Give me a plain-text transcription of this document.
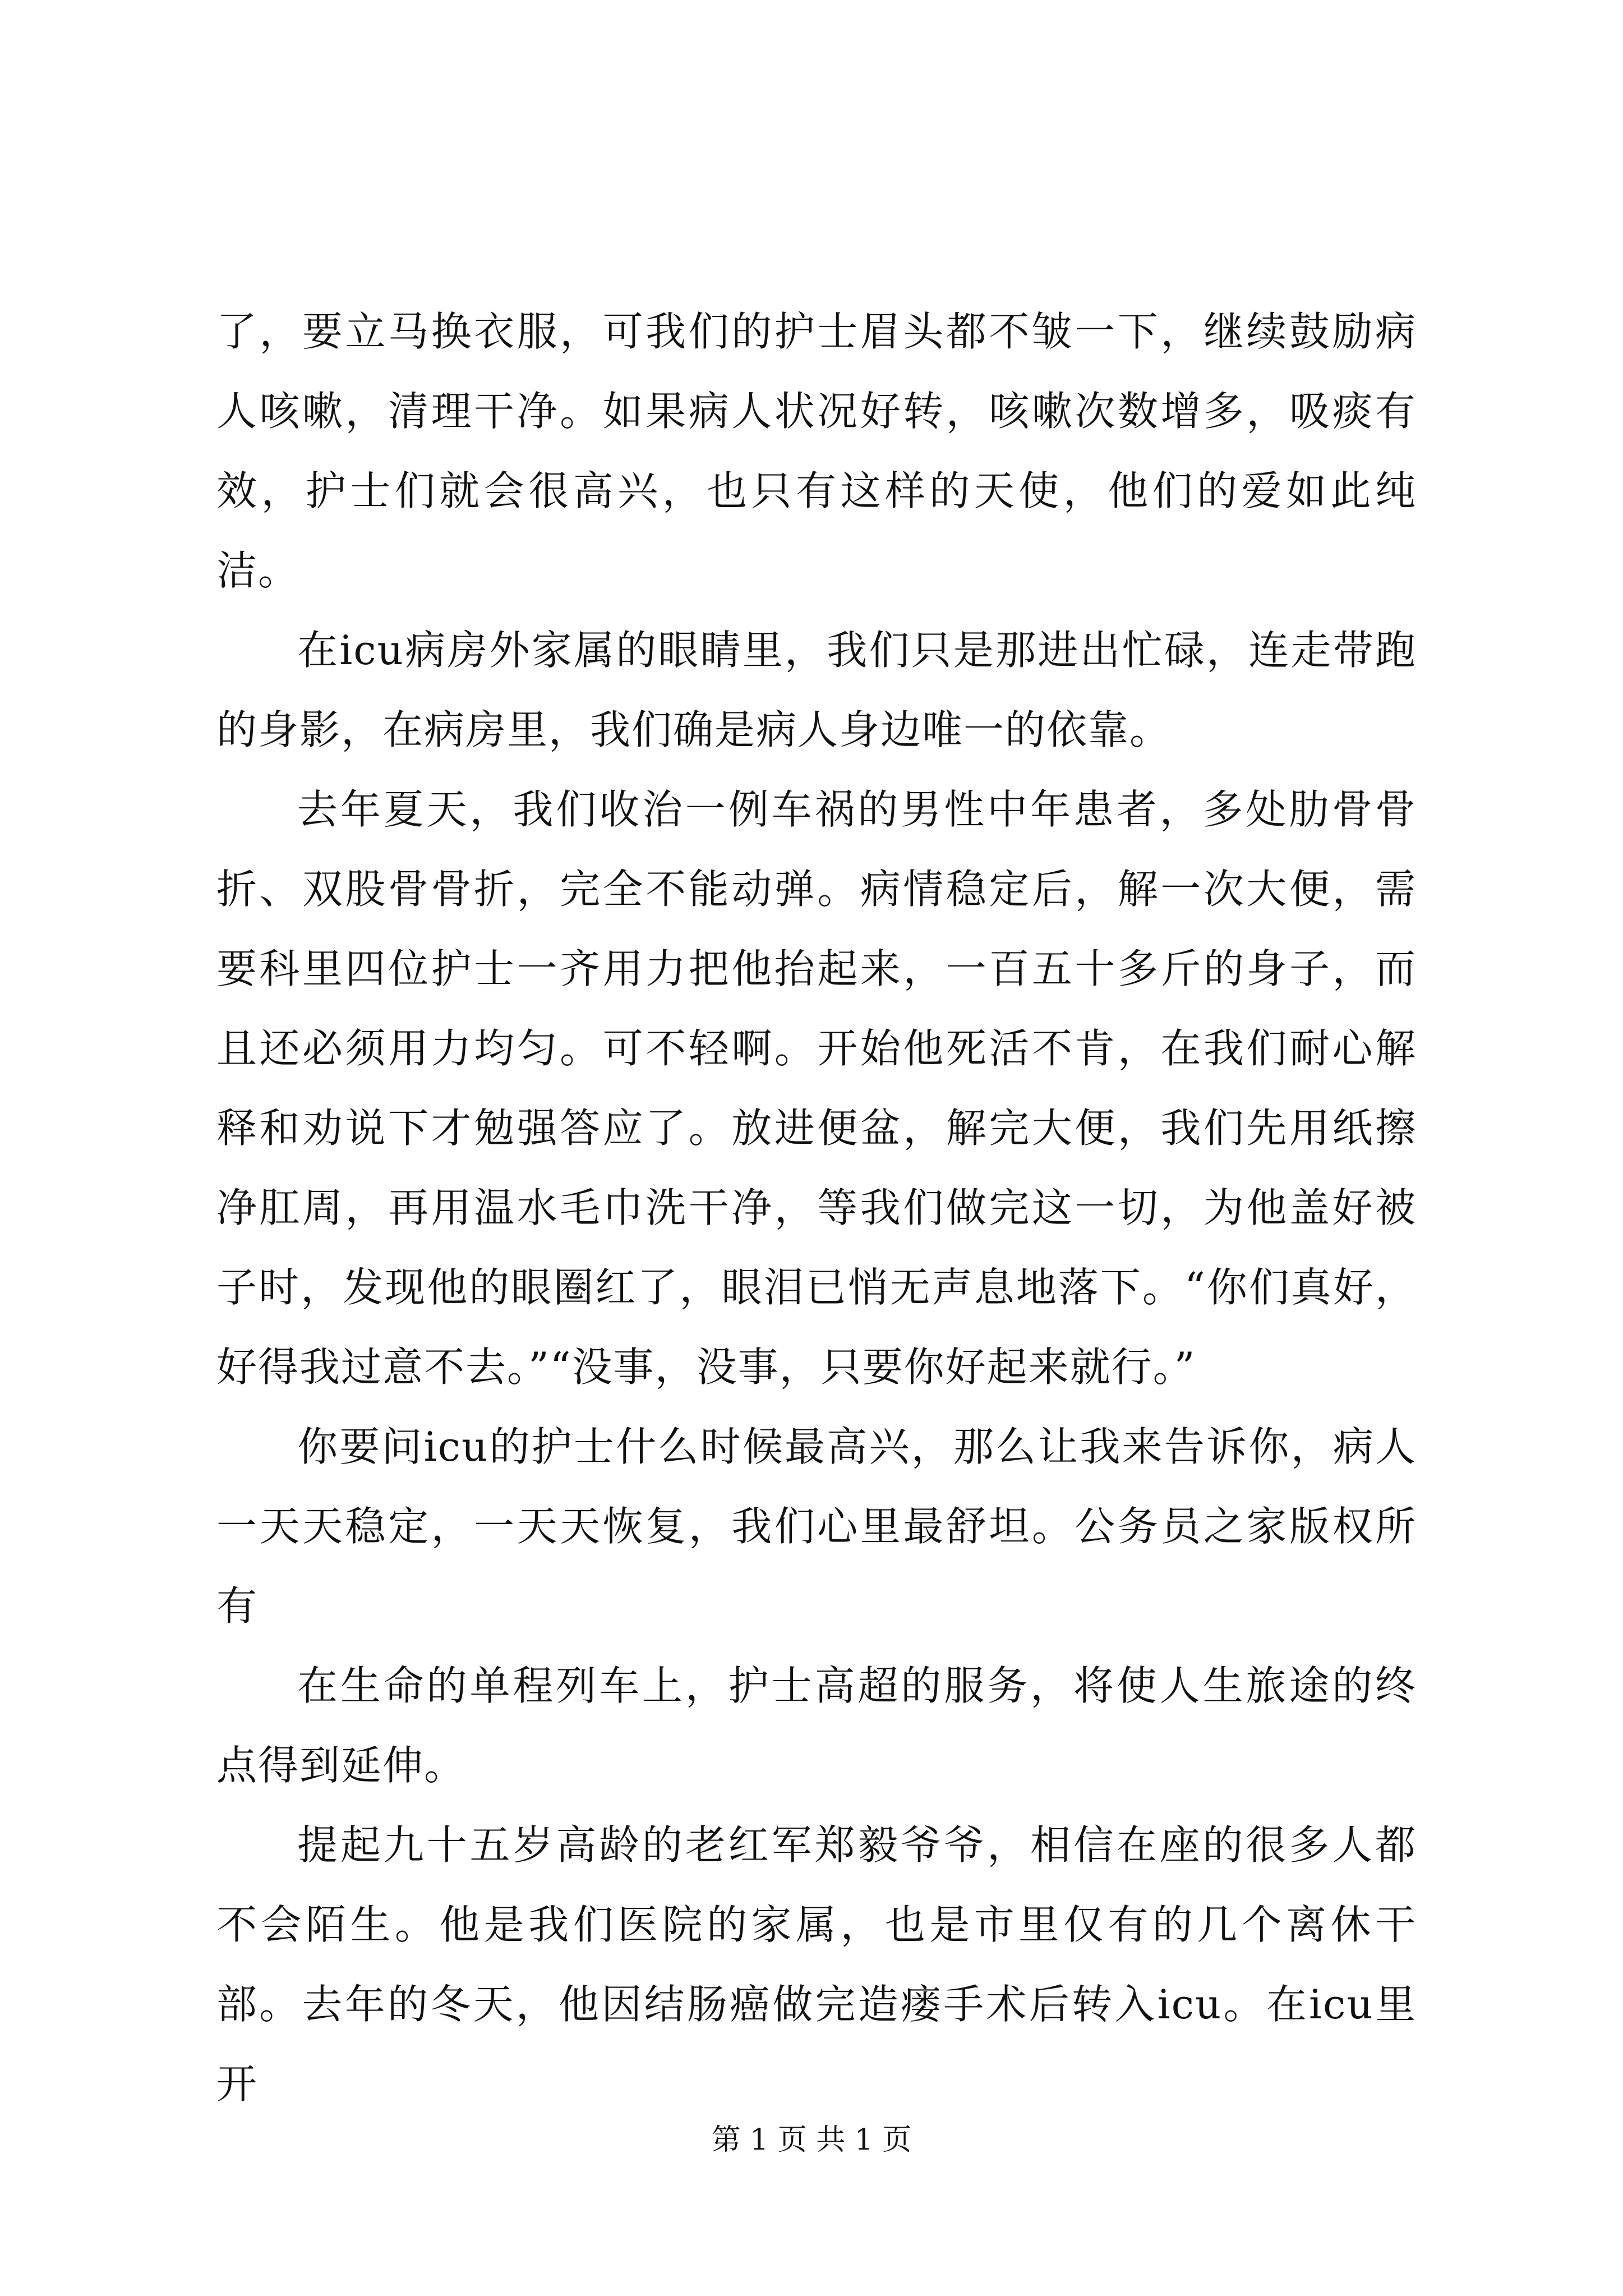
了，要立马换衣服，可我们的护士眉头都不皱一下，继续鼓励病人咳嗽，清理干净。如果病人状况好转，咳嗽次数增多，吸痰有效，护士们就会很高兴，也只有这样的天使，他们的爱如此纯洁。

在icu病房外家属的眼睛里，我们只是那进出忙碌，连走带跑的身影，在病房里，我们确是病人身边唯一的依靠。

去年夏天，我们收治一例车祸的男性中年患者，多处肋骨骨折、双股骨骨折，完全不能动弹。病情稳定后，解一次大便，需要科里四位护士一齐用力把他抬起来，一百五十多斤的身子，而且还必须用力均匀。可不轻啊。开始他死活不肯，在我们耐心解释和劝说下才勉强答应了。放进便盆，解完大便，我们先用纸擦净肛周，再用温水毛巾洗干净，等我们做完这一切，为他盖好被子时，发现他的眼圈红了，眼泪已悄无声息地落下。“你们真好，好得我过意不去。”“没事，没事，只要你好起来就行。”

你要问icu的护士什么时候最高兴，那么让我来告诉你，病人一天天稳定，一天天恢复，我们心里最舒坦。公务员之家版权所有

在生命的单程列车上，护士高超的服务，将使人生旅途的终点得到延伸。

提起九十五岁高龄的老红军郑毅爷爷，相信在座的很多人都不会陌生。他是我们医院的家属，也是市里仅有的几个离休干部。去年的冬天，他因结肠癌做完造瘘手术后转入icu。在icu里开

第 1 页 共 1 页
